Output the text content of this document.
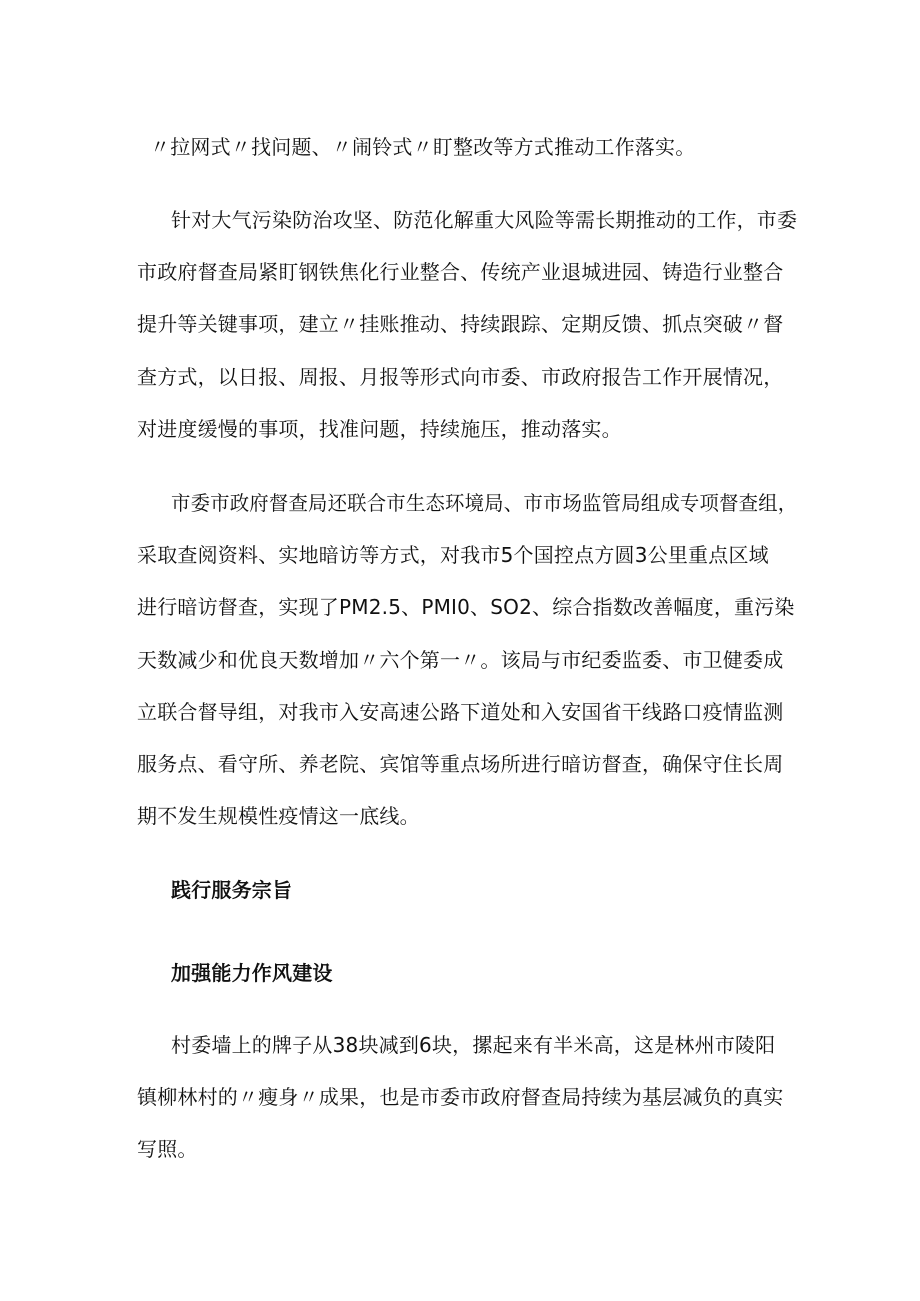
〃拉网式〃找问题、〃闹铃式〃盯整改等方式推动工作落实。
针对大气污染防治攻坚、防范化解重大风险等需长期推动的工作，市委
市政府督查局紧盯钢铁焦化行业整合、传统产业退城进园、铸造行业整合
提升等关键事项，建立〃挂账推动、持续跟踪、定期反馈、抓点突破〃督
查方式，以日报、周报、月报等形式向市委、市政府报告工作开展情况，
对进度缓慢的事项，找准问题，持续施压，推动落实。
市委市政府督查局还联合市生态环境局、市市场监管局组成专项督查组，
采取查阅资料、实地暗访等方式，对我市5个国控点方圆3公里重点区域
进行暗访督查，实现了PM2.5、PMI0、SO2、综合指数改善幅度，重污染
天数减少和优良天数增加〃六个第一〃。该局与市纪委监委、市卫健委成
立联合督导组，对我市入安高速公路下道处和入安国省干线路口疫情监测
服务点、看守所、养老院、宾馆等重点场所进行暗访督查，确保守住长周
期不发生规模性疫情这一底线。
践行服务宗旨
加强能力作风建设
村委墙上的牌子从38块减到6块，摞起来有半米高，这是林州市陵阳
镇柳林村的〃瘦身〃成果，也是市委市政府督查局持续为基层减负的真实
写照。
